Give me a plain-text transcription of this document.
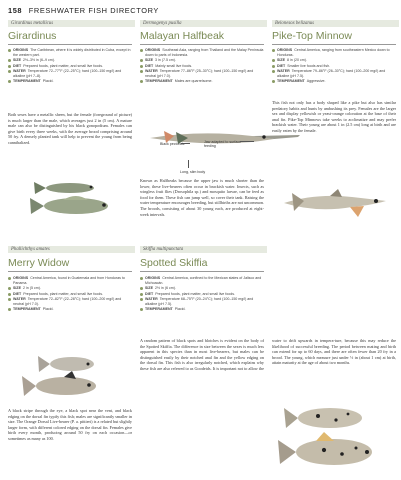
158 FRESHWATER FISH DIRECTORY
Girardinus metallicus
Girardinus
ORIGINS The Caribbean, where it is widely distributed in Cuba, except in the western part.
SIZE 2½–3½ in (6–9 cm).
DIET Prepared foods, plant matter, and small live foods.
WATER Temperature 72–77°F (22–25°C); hard (100–150 mg/l) and alkaline (pH 7–8).
TEMPERAMENT Placid.
Both sexes have a metallic sheen, but the female (foreground of picture) is much larger than the male, which averages just 2 in (5 cm). A mature male can also be distinguished by his black gonopodium. Females can give birth every three weeks, with the average brood comprising around 50 fry. A densely planted tank will help to prevent the young from being cannibalized.
Dermogenys pusilla
Malayan Halfbeak
ORIGINS Southeast Asia, ranging from Thailand and the Malay Peninsula down to parts of Indonesia.
SIZE 3 in (7.5 cm).
DIET Mainly small live foods.
WATER Temperature 77–86°F (25–30°C); hard (100–150 mg/l) and neutral (pH 7.0).
TEMPERAMENT Males are quarrelsome.
Black pectorals	Jaw adapted to surface feeding
Long, slim body
Known as Halfbeaks because the upper jaw is much shorter than the lower, these live-bearers often occur in brackish water. Insects, such as wingless fruit flies (Drosophila sp.) and mosquito larvae, can be feed as food for them. These fish can jump well, so cover their tank. Raising the water temperature encourages breeding, but stillbirths are not uncommon. The broods, consisting of about 30 young each, are produced at eight-week intervals.
Belonesox belizanus
Pike-Top Minnow
ORIGINS Central America, ranging from southeastern Mexico down to Honduras.
SIZE 8 in (20 cm).
DIET Smaller live foods and fish.
WATER Temperature 79–86°F (26–30°C); hard (100–200 mg/l) and alkaline (pH 7.5).
TEMPERAMENT Aggressive.
This fish not only has a body shaped like a pike but also has similar predatory habits and hunts by ambushing its prey. Females are the larger sex and display yellowish or yeast-orange coloration at the base of their anal fin. Pike-Top Minnows take weeks to acclimatize and may prefer brackish water. Their young are about 1 in (2.5 cm) long at birth and are easily eaten by the female.
Phallichthys amates
Merry Widow
ORIGINS Central America, found in Guatemala and from Honduras to Panama.
SIZE 2 in (5 cm).
DIET Prepared foods, plant matter, and small live foods.
WATER Temperature 72–82°F (22–28°C); hard (100–200 mg/l) and neutral (pH 7.0).
TEMPERAMENT Placid.
A black stripe through the eye, a black spot near the vent, and black edging on the dorsal fin typify this fish; males are significantly smaller in size. The Orange Dorsal Live-bearer (P. a. pittieri) is a related but slightly larger form, with different colored edging on the dorsal fin. Females give birth every month, producing around 50 fry on each occasion—or sometimes as many as 100.
Skiffia multipunctata
Spotted Skiffia
ORIGINS Central America, confined to the Mexican states of Jalisco and Michoacán.
SIZE 2½ in (6 cm).
DIET Prepared foods, plant matter, and small live foods.
WATER Temperature 68–75°F (20–24°C); hard (100–150 mg/l) and alkaline (pH 7.5).
TEMPERAMENT Placid.
A random pattern of black spots and blotches is evident on the body of the Spotted Skiffia. The difference in size between the sexes is much less apparent in this species than in most live-bearers, but males can be distinguished easily by their notched anal fin and the yellow edging on the dorsal fin. This fish is also irregularly notched, which explains why these fish are also referred to as Goodeids. It is important not to allow the water to drift upwards in tempera-ture, because this may reduce the likelihood of successful breeding. The period between mating and birth can extend for up to 60 days, and there are often fewer than 20 fry in a brood. The young, which measure just under ½ in (about 1 cm) at birth, attain maturity at the age of about two months.
